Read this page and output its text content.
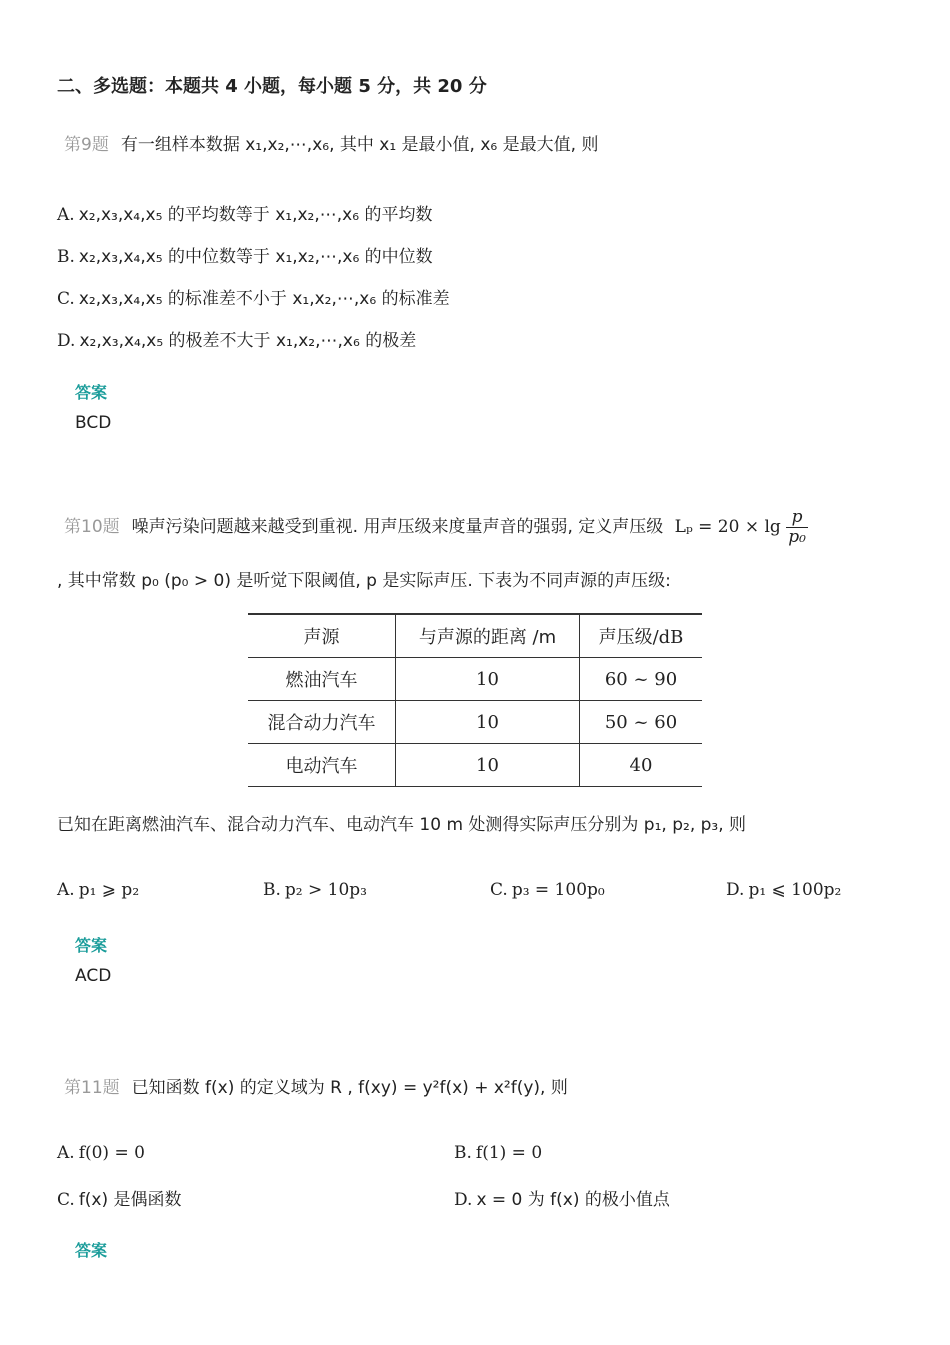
二、多选题：本题共 4 小题，每小题 5 分，共 20 分
第9题 有一组样本数据 x₁,x₂,⋯,x₆, 其中 x₁ 是最小值, x₆ 是最大值, 则
A. x₂,x₃,x₄,x₅ 的平均数等于 x₁,x₂,⋯,x₆ 的平均数
B. x₂,x₃,x₄,x₅ 的中位数等于 x₁,x₂,⋯,x₆ 的中位数
C. x₂,x₃,x₄,x₅ 的标准差不小于 x₁,x₂,⋯,x₆ 的标准差
D. x₂,x₃,x₄,x₅ 的极差不大于 x₁,x₂,⋯,x₆ 的极差
答案
BCD
第10题 噪声污染问题越来越受到重视. 用声压级来度量声音的强弱, 定义声压级 $L_p = 20 \times \lg \frac{p}{\text{p₀}}$
, 其中常数 p₀ (p₀ > 0) 是听觉下限阈值, p 是实际声压. 下表为不同声源的声压级:
声源	与声源的距离 /m	声压级/dB
燃油汽车	10	60 ~ 90
混合动力汽车	10	50 ~ 60
电动汽车	10	40
已知在距离燃油汽车、混合动力汽车、电动汽车 10 m 处测得实际声压分别为 p₁, p₂, p₃, 则
A. p₁ ⩾ p₂	B. p₂ > 10p₃	C. p₃ = 100p₀	D. p₁ ⩽ 100p₂
答案
ACD
第11题 已知函数 f(x) 的定义域为 R , f(xy) = y²f(x) + x²f(y), 则
A. f(0) = 0	B. f(1) = 0
C. f(x) 是偶函数	D. x = 0 为 f(x) 的极小值点
答案
